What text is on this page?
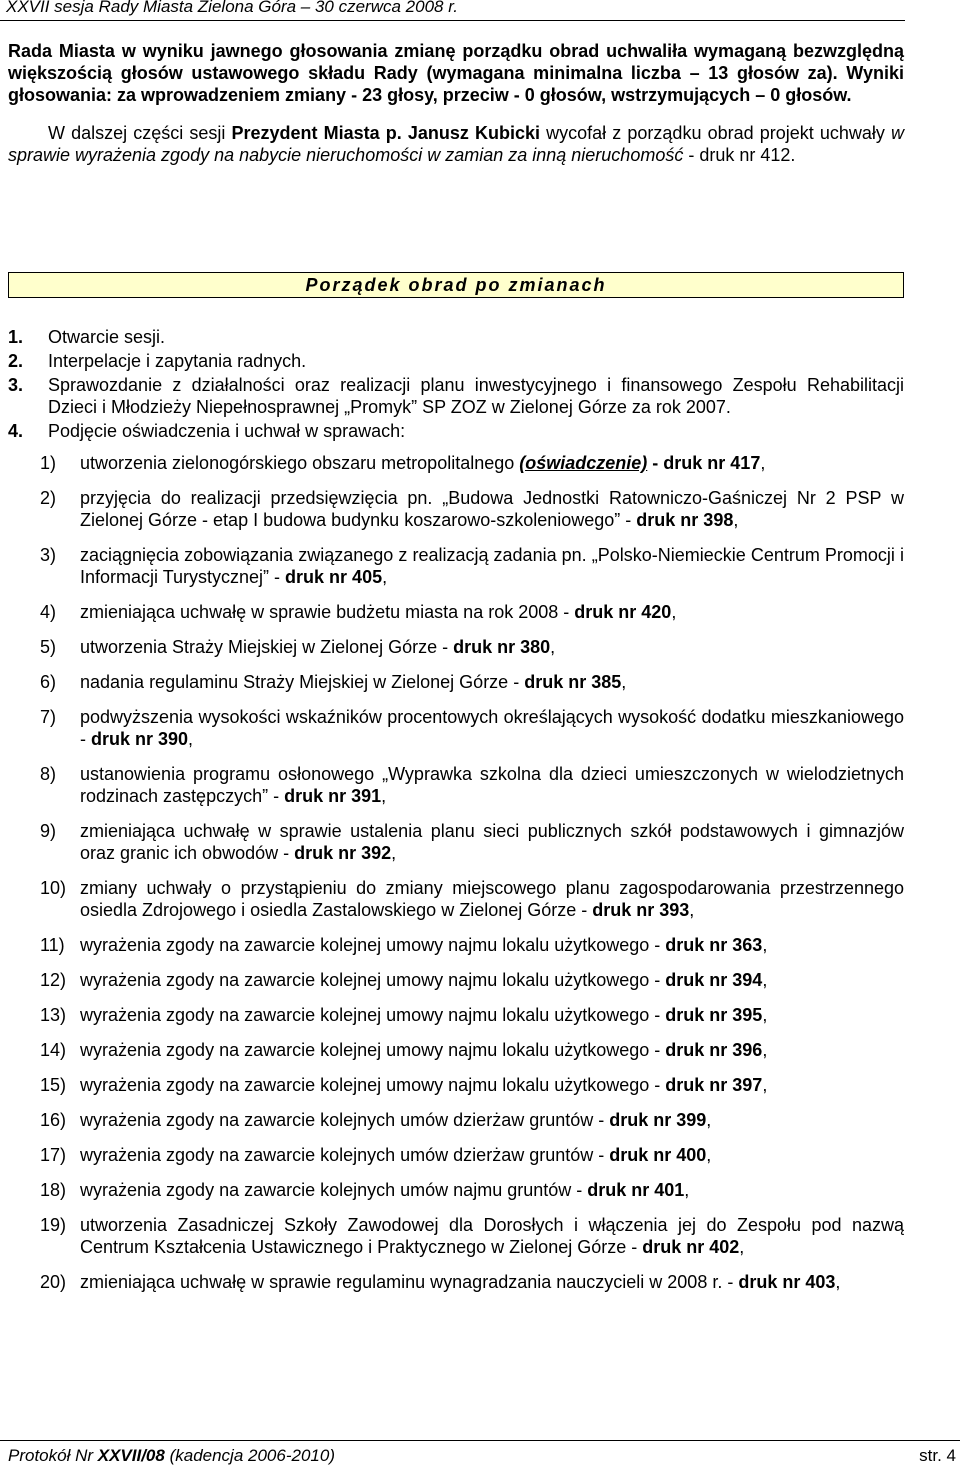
XXVII sesja Rady Miasta Zielona Góra – 30 czerwca 2008 r.

Rada Miasta w wyniku jawnego głosowania zmianę porządku obrad uchwaliła wymaganą bezwzględną większością głosów ustawowego składu Rady (wymagana minimalna liczba – 13 głosów za). Wyniki głosowania: za wprowadzeniem zmiany - 23 głosy, przeciw - 0 głosów, wstrzymujących – 0 głosów.

W dalszej części sesji Prezydent Miasta p. Janusz Kubicki wycofał z porządku obrad projekt uchwały w sprawie wyrażenia zgody na nabycie nieruchomości w zamian za inną nieruchomość - druk nr 412.

Porządek obrad po zmianach
1.	Otwarcie sesji.
2.	Interpelacje i zapytania radnych.
3.	Sprawozdanie z działalności oraz realizacji planu inwestycyjnego i finansowego Zespołu Rehabilitacji Dzieci i Młodzieży Niepełnosprawnej „Promyk” SP ZOZ w Zielonej Górze za rok 2007.
4.	Podjęcie oświadczenia i uchwał w sprawach:
1)	utworzenia zielonogórskiego obszaru metropolitalnego (oświadczenie) - druk nr 417,
2)	przyjęcia do realizacji przedsięwzięcia pn. „Budowa Jednostki Ratowniczo-Gaśniczej Nr 2 PSP w Zielonej Górze - etap I budowa budynku koszarowo-szkoleniowego” - druk nr 398,
3)	zaciągnięcia zobowiązania związanego z realizacją zadania pn. „Polsko-Niemieckie Centrum Promocji i Informacji Turystycznej” - druk nr 405,
4)	zmieniająca uchwałę w sprawie budżetu miasta na rok 2008 - druk nr 420,
5)	utworzenia Straży Miejskiej w Zielonej Górze - druk nr 380,
6)	nadania regulaminu Straży Miejskiej w Zielonej Górze - druk nr 385,
7)	podwyższenia wysokości wskaźników procentowych określających wysokość dodatku mieszkaniowego - druk nr 390,
8)	ustanowienia programu osłonowego „Wyprawka szkolna dla dzieci umieszczonych w wielodzietnych rodzinach zastępczych” - druk nr 391,
9)	zmieniająca uchwałę w sprawie ustalenia planu sieci publicznych szkół podstawowych i gimnazjów oraz granic ich obwodów - druk nr 392,
10) zmiany uchwały o przystąpieniu do zmiany miejscowego planu zagospodarowania przestrzennego osiedla Zdrojowego i osiedla Zastalowskiego w Zielonej Górze - druk nr 393,
11) wyrażenia zgody na zawarcie kolejnej umowy najmu lokalu użytkowego - druk nr 363,
12) wyrażenia zgody na zawarcie kolejnej umowy najmu lokalu użytkowego - druk nr 394,
13) wyrażenia zgody na zawarcie kolejnej umowy najmu lokalu użytkowego - druk nr 395,
14) wyrażenia zgody na zawarcie kolejnej umowy najmu lokalu użytkowego - druk nr 396,
15) wyrażenia zgody na zawarcie kolejnej umowy najmu lokalu użytkowego - druk nr 397,
16) wyrażenia zgody na zawarcie kolejnych umów dzierżaw gruntów - druk nr 399,
17) wyrażenia zgody na zawarcie kolejnych umów dzierżaw gruntów - druk nr 400,
18) wyrażenia zgody na zawarcie kolejnych umów najmu gruntów - druk nr 401,
19) utworzenia Zasadniczej Szkoły Zawodowej dla Dorosłych i włączenia jej do Zespołu pod nazwą Centrum Kształcenia Ustawicznego i Praktycznego w Zielonej Górze - druk nr 402,
20) zmieniająca uchwałę w sprawie regulaminu wynagradzania nauczycieli w 2008 r. - druk nr 403,
Protokół Nr XXVII/08 (kadencja 2006-2010)	str. 4
